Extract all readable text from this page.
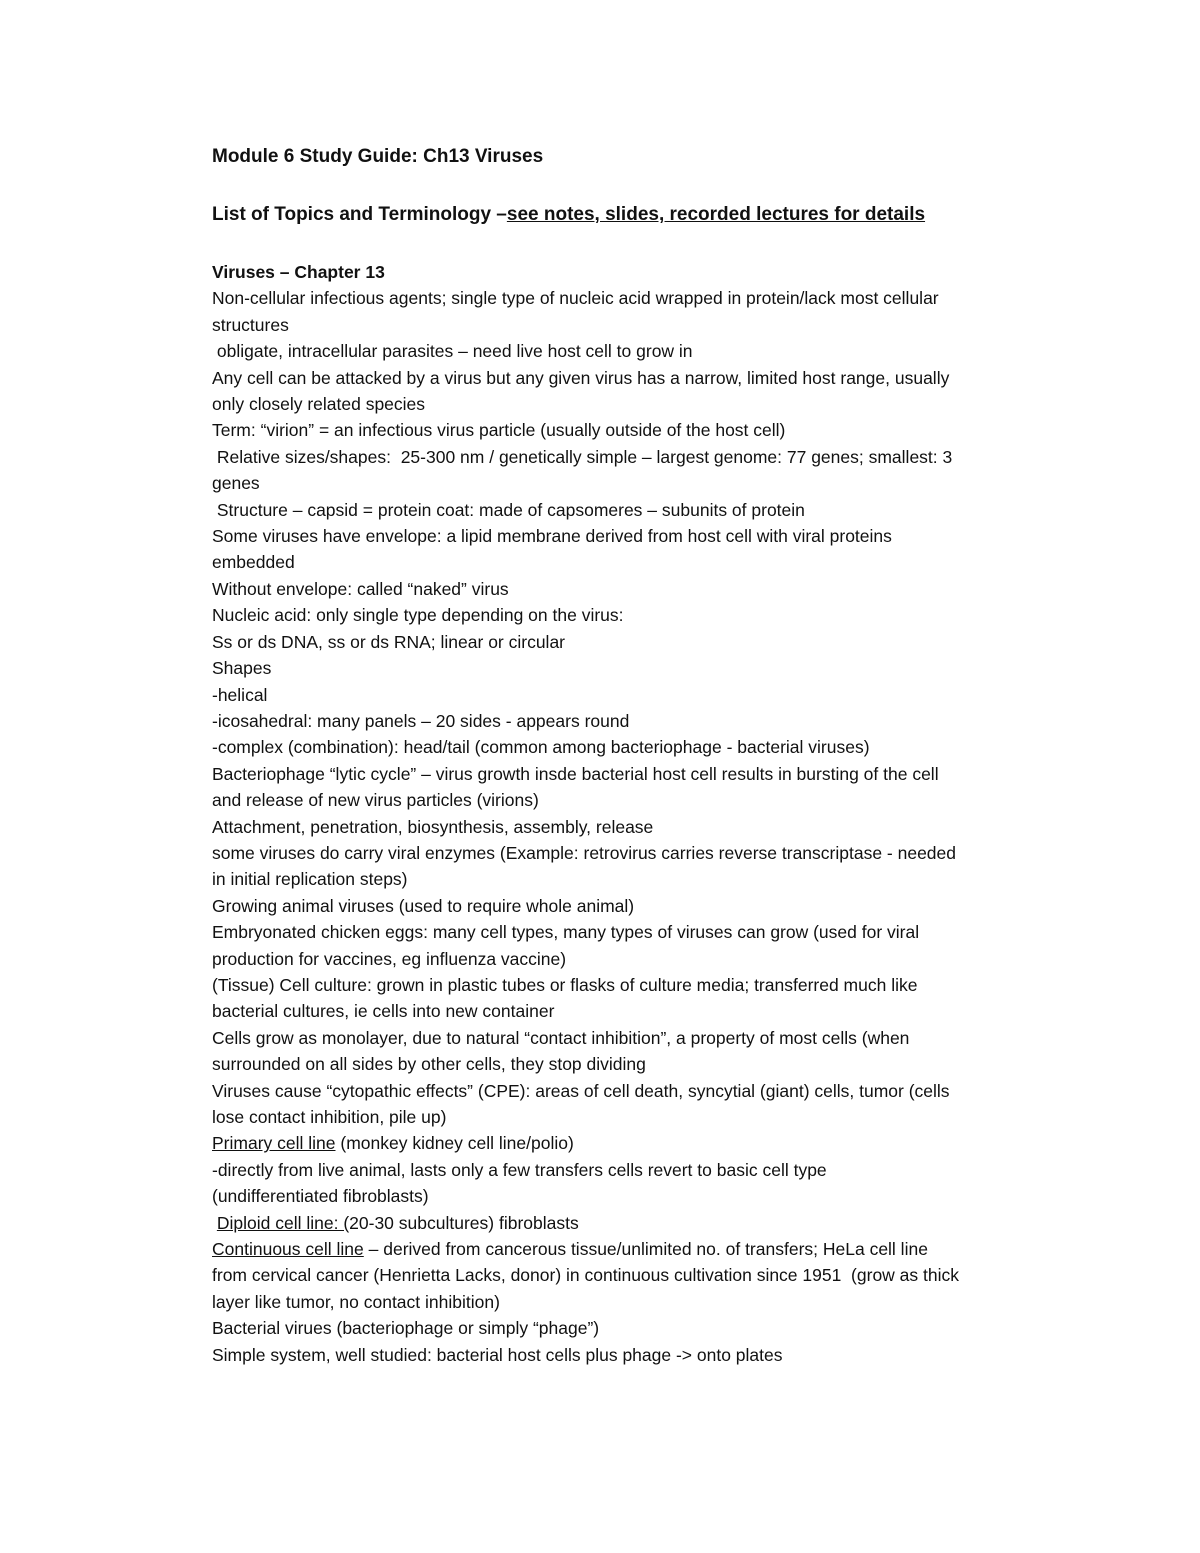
Module 6 Study Guide: Ch13 Viruses
List of Topics and Terminology –see notes, slides, recorded lectures for details
Viruses – Chapter 13
Non-cellular infectious agents; single type of nucleic acid wrapped in protein/lack most cellular
structures
obligate, intracellular parasites – need live host cell to grow in
Any cell can be attacked by a virus but any given virus has a narrow, limited host range, usually
only closely related species
Term: “virion” = an infectious virus particle (usually outside of the host cell)
Relative sizes/shapes:  25-300 nm / genetically simple – largest genome: 77 genes; smallest: 3
genes
Structure – capsid = protein coat: made of capsomeres – subunits of protein
Some viruses have envelope: a lipid membrane derived from host cell with viral proteins
embedded
Without envelope: called “naked” virus
Nucleic acid: only single type depending on the virus:
Ss or ds DNA, ss or ds RNA; linear or circular
Shapes
-helical
-icosahedral: many panels – 20 sides - appears round
-complex (combination): head/tail (common among bacteriophage - bacterial viruses)
Bacteriophage “lytic cycle” – virus growth insde bacterial host cell results in bursting of the cell
and release of new virus particles (virions)
Attachment, penetration, biosynthesis, assembly, release
some viruses do carry viral enzymes (Example: retrovirus carries reverse transcriptase - needed
in initial replication steps)
Growing animal viruses (used to require whole animal)
Embryonated chicken eggs: many cell types, many types of viruses can grow (used for viral
production for vaccines, eg influenza vaccine)
(Tissue) Cell culture: grown in plastic tubes or flasks of culture media; transferred much like
bacterial cultures, ie cells into new container
Cells grow as monolayer, due to natural “contact inhibition”, a property of most cells (when
surrounded on all sides by other cells, they stop dividing
Viruses cause “cytopathic effects” (CPE): areas of cell death, syncytial (giant) cells, tumor (cells
lose contact inhibition, pile up)
Primary cell line (monkey kidney cell line/polio)
-directly from live animal, lasts only a few transfers cells revert to basic cell type
(undifferentiated fibroblasts)
Diploid cell line: (20-30 subcultures) fibroblasts
Continuous cell line – derived from cancerous tissue/unlimited no. of transfers; HeLa cell line
from cervical cancer (Henrietta Lacks, donor) in continuous cultivation since 1951  (grow as thick
layer like tumor, no contact inhibition)
Bacterial virues (bacteriophage or simply “phage”)
Simple system, well studied: bacterial host cells plus phage -> onto plates
